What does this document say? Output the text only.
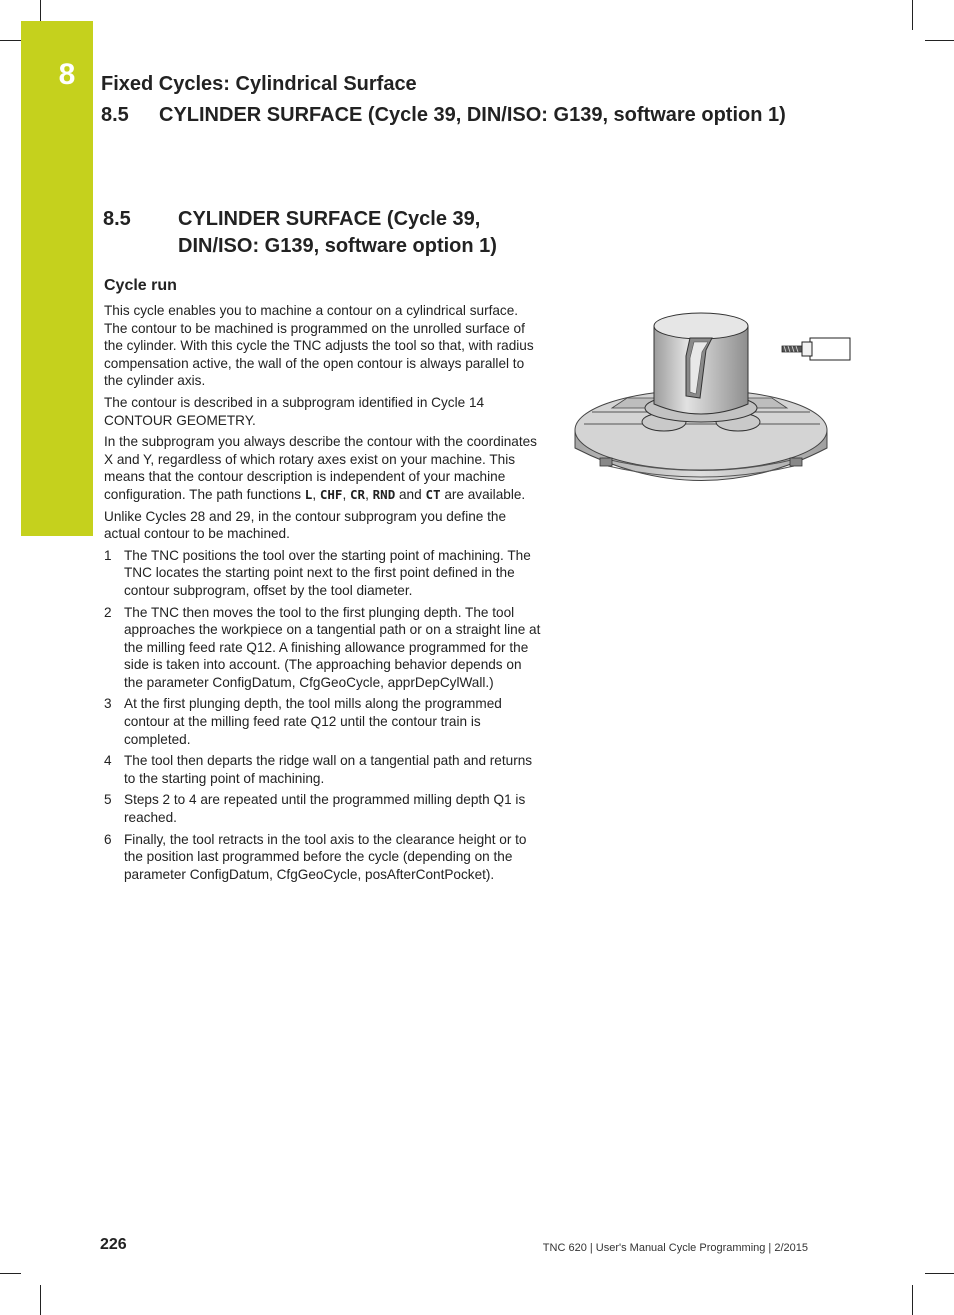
8	Fixed Cycles: Cylindrical Surface
8.5 CYLINDER SURFACE (Cycle 39, DIN/ISO: G139, software option 1)
8.5 CYLINDER SURFACE (Cycle 39,
DIN/ISO: G139, software option 1)
Cycle run

This cycle enables you to machine a contour on a cylindrical surface. The contour to be machined is programmed on the unrolled surface of the cylinder. With this cycle the TNC adjusts the tool so that, with radius compensation active, the wall of the open contour is always parallel to the cylinder axis.

The contour is described in a subprogram identified in Cycle 14 CONTOUR GEOMETRY.

In the subprogram you always describe the contour with the coordinates X and Y, regardless of which rotary axes exist on your machine. This means that the contour description is independent of your machine configuration. The path functions L, CHF, CR, RND and CT are available.

Unlike Cycles 28 and 29, in the contour subprogram you define the actual contour to be machined.

1 The TNC positions the tool over the starting point of machining. The TNC locates the starting point next to the first point defined in the contour subprogram, offset by the tool diameter.
2 The TNC then moves the tool to the first plunging depth. The tool approaches the workpiece on a tangential path or on a straight line at the milling feed rate Q12. A finishing allowance programmed for the side is taken into account. (The approaching behavior depends on the parameter ConfigDatum, CfgGeoCycle, apprDepCylWall.)
3 At the first plunging depth, the tool mills along the programmed contour at the milling feed rate Q12 until the contour train is completed.
4 The tool then departs the ridge wall on a tangential path and returns to the starting point of machining.
5 Steps 2 to 4 are repeated until the programmed milling depth Q1 is reached.
6 Finally, the tool retracts in the tool axis to the clearance height or to the position last programmed before the cycle (depending on the parameter ConfigDatum, CfgGeoCycle, posAfterContPocket).
226	TNC 620 | User's Manual Cycle Programming | 2/2015
